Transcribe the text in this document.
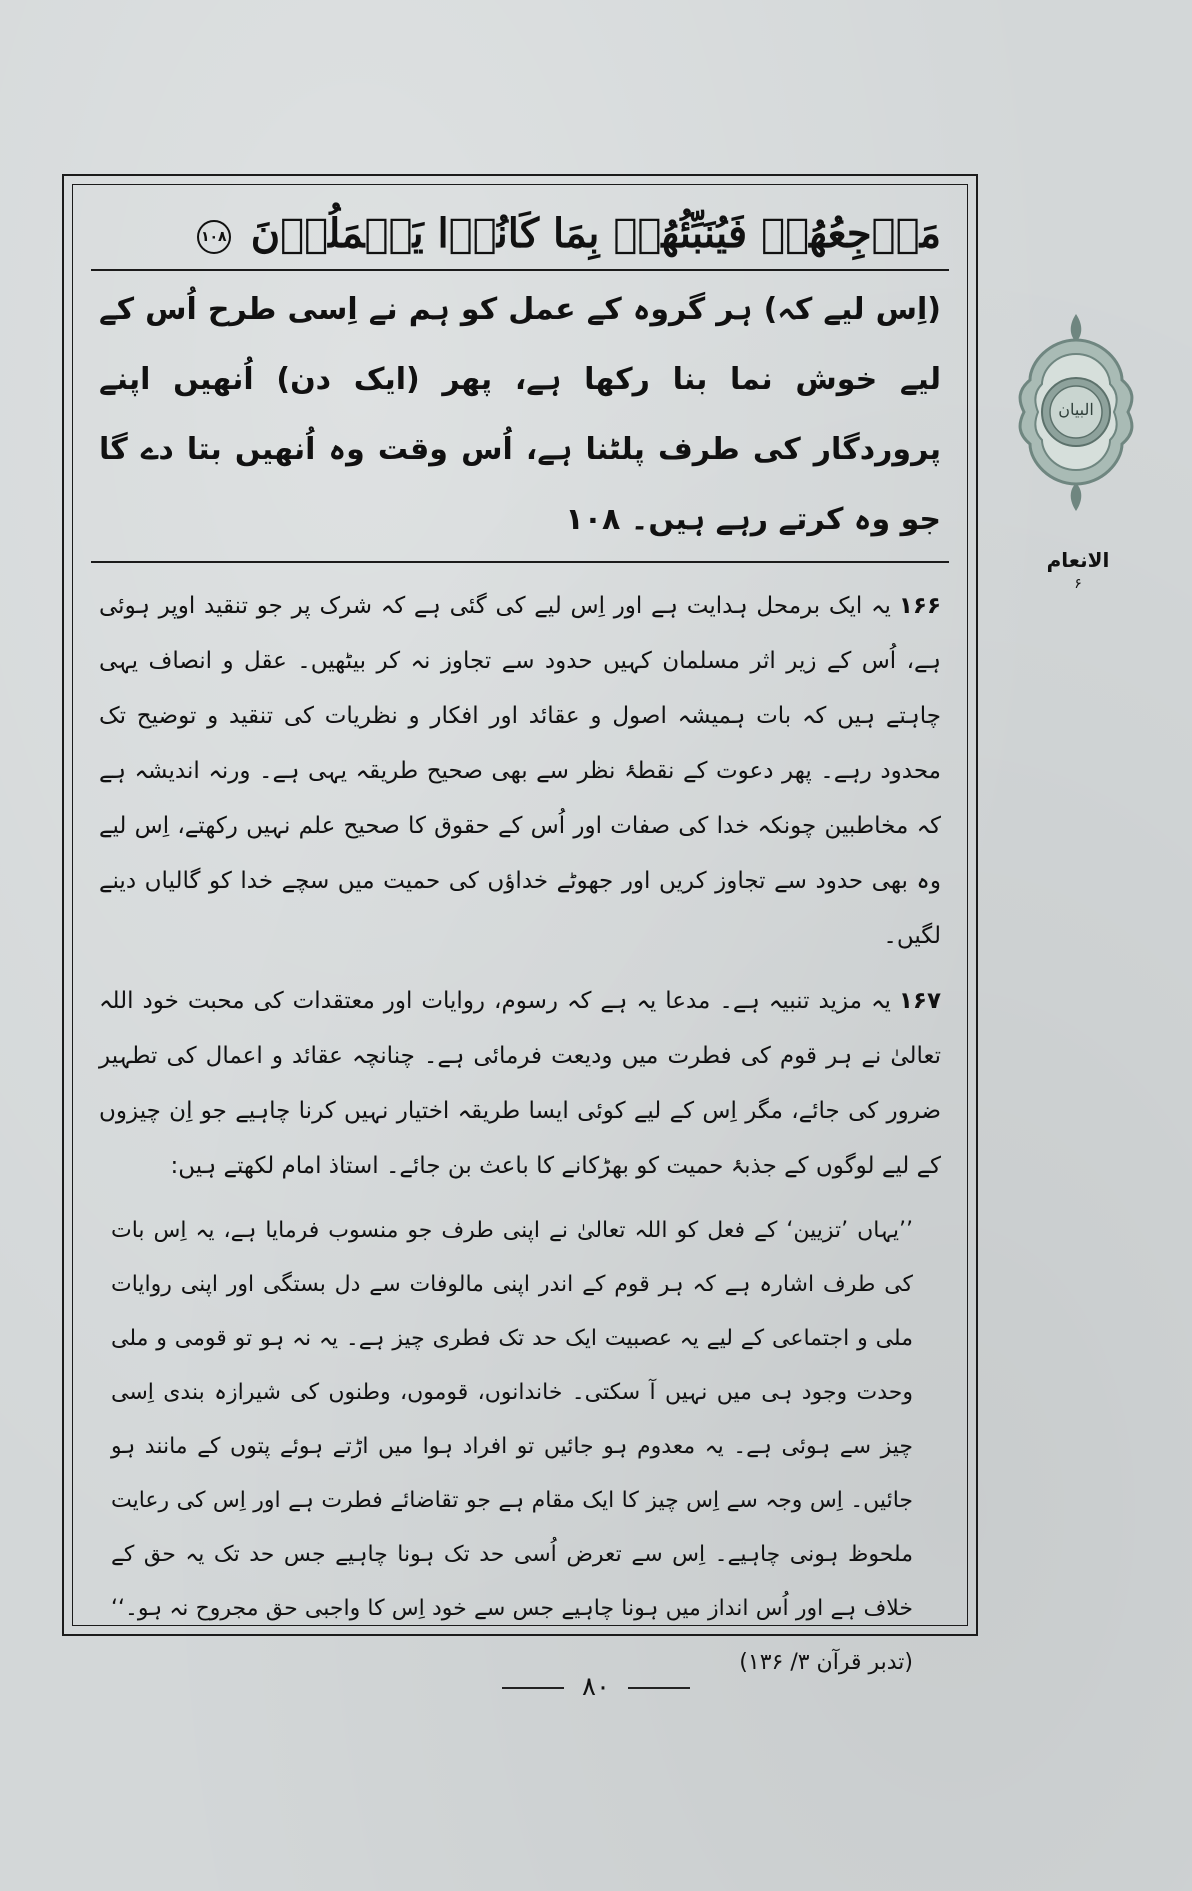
مَرۡجِعُهُمۡ فَيُنَبِّئُهُمۡ بِمَا كَانُوۡا يَعۡمَلُوۡنَ ۱۰۸
(اِس لیے کہ) ہر گروہ کے عمل کو ہم نے اِسی طرح اُس کے لیے خوش نما بنا رکھا ہے، پھر (ایک دن) اُنھیں اپنے پروردگار کی طرف پلٹنا ہے، اُس وقت وہ اُنھیں بتا دے گا جو وہ کرتے رہے ہیں۔ ۱۰۸

۱۶۶یہ ایک برمحل ہدایت ہے اور اِس لیے کی گئی ہے کہ شرک پر جو تنقید اوپر ہوئی ہے، اُس کے زیر اثر مسلمان کہیں حدود سے تجاوز نہ کر بیٹھیں۔ عقل و انصاف یہی چاہتے ہیں کہ بات ہمیشہ اصول و عقائد اور افکار و نظریات کی تنقید و توضیح تک محدود رہے۔ پھر دعوت کے نقطۂ نظر سے بھی صحیح طریقہ یہی ہے۔ ورنہ اندیشہ ہے کہ مخاطبین چونکہ خدا کی صفات اور اُس کے حقوق کا صحیح علم نہیں رکھتے، اِس لیے وہ بھی حدود سے تجاوز کریں اور جھوٹے خداؤں کی حمیت میں سچے خدا کو گالیاں دینے لگیں۔

۱۶۷یہ مزید تنبیہ ہے۔ مدعا یہ ہے کہ رسوم، روایات اور معتقدات کی محبت خود اللہ تعالیٰ نے ہر قوم کی فطرت میں ودیعت فرمائی ہے۔ چنانچہ عقائد و اعمال کی تطہیر ضرور کی جائے، مگر اِس کے لیے کوئی ایسا طریقہ اختیار نہیں کرنا چاہیے جو اِن چیزوں کے لیے لوگوں کے جذبۂ حمیت کو بھڑکانے کا باعث بن جائے۔ استاذ امام لکھتے ہیں:

’’یہاں ’تزیین‘ کے فعل کو اللہ تعالیٰ نے اپنی طرف جو منسوب فرمایا ہے، یہ اِس بات کی طرف اشارہ ہے کہ ہر قوم کے اندر اپنی مالوفات سے دل بستگی اور اپنی روایات ملی و اجتماعی کے لیے یہ عصبیت ایک حد تک فطری چیز ہے۔ یہ نہ ہو تو قومی و ملی وحدت وجود ہی میں نہیں آ سکتی۔ خاندانوں، قوموں، وطنوں کی شیرازہ بندی اِسی چیز سے ہوئی ہے۔ یہ معدوم ہو جائیں تو افراد ہوا میں اڑتے ہوئے پتوں کے مانند ہو جائیں۔ اِس وجہ سے اِس چیز کا ایک مقام ہے جو تقاضائے فطرت ہے اور اِس کی رعایت ملحوظ ہونی چاہیے۔ اِس سے تعرض اُسی حد تک ہونا چاہیے جس حد تک یہ حق کے خلاف ہے اور اُس انداز میں ہونا چاہیے جس سے خود اِس کا واجبی حق مجروح نہ ہو۔‘‘ (تدبر قرآن ۳/ ۱۳۶)

البيان
الانعام
۶
۸۰
